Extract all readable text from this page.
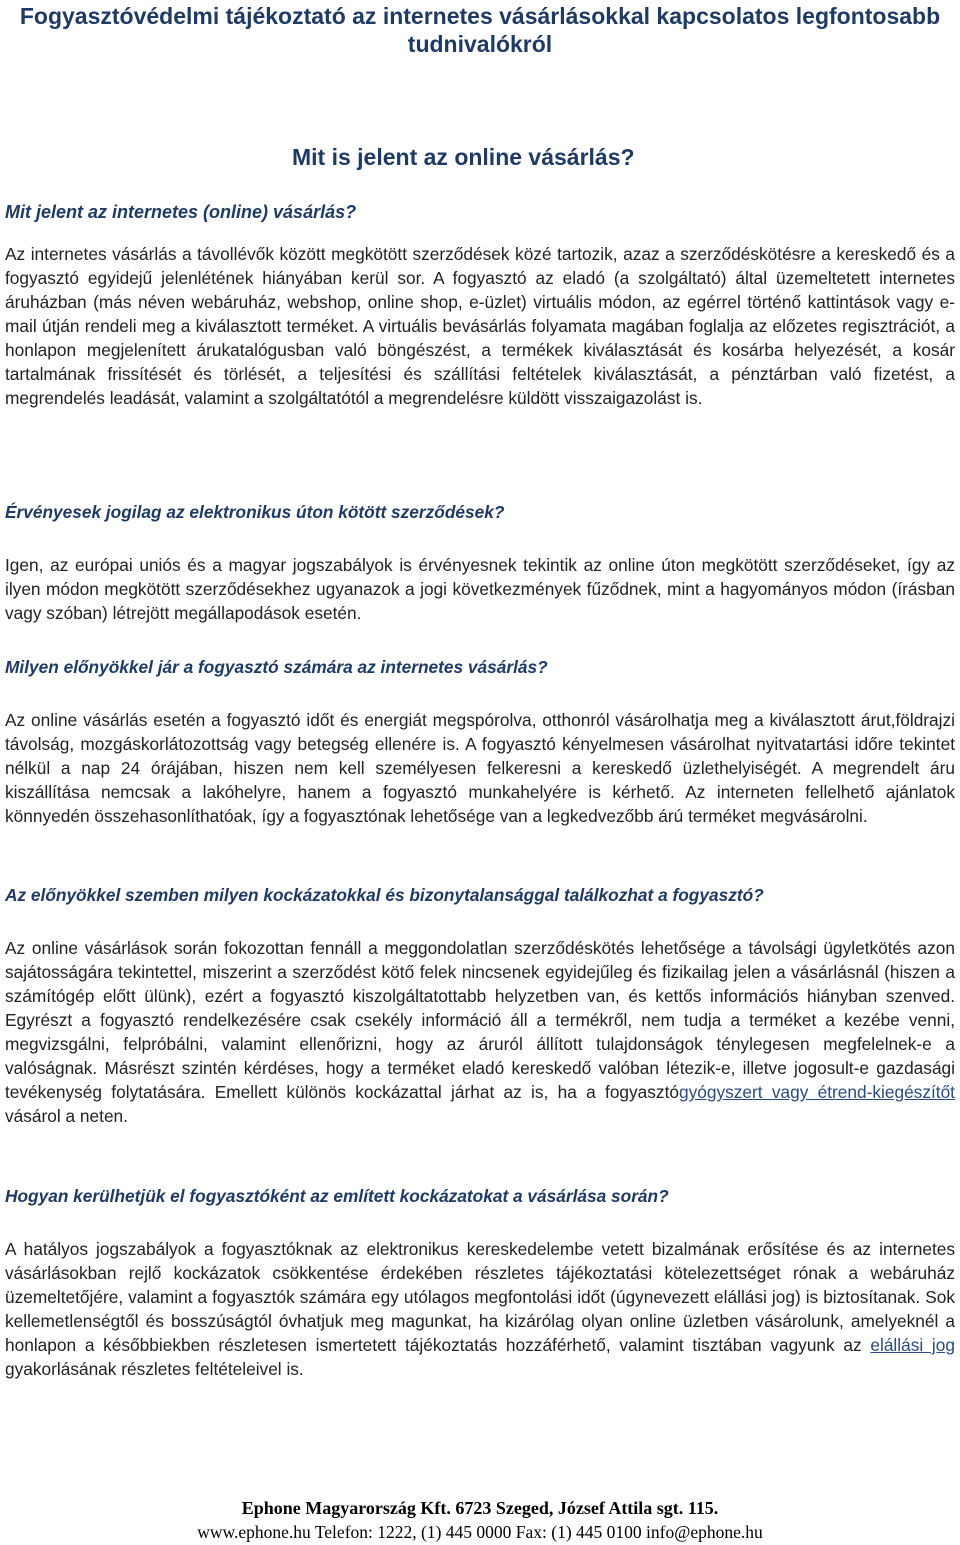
Fogyasztóvédelmi tájékoztató az internetes vásárlásokkal kapcsolatos legfontosabb tudnivalókról
Mit is jelent az online vásárlás?
Mit jelent az internetes (online) vásárlás?

Az internetes vásárlás a távollévők között megkötött szerződések közé tartozik, azaz a szerződéskötésre a kereskedő és a fogyasztó egyidejű jelenlétének hiányában kerül sor. A fogyasztó az eladó (a szolgáltató) által üzemeltetett internetes áruházban (más néven webáruház, webshop, online shop, e-üzlet) virtuális módon, az egérrel történő kattintások vagy e-mail útján rendeli meg a kiválasztott terméket. A virtuális bevásárlás folyamata magában foglalja az előzetes regisztrációt, a honlapon megjelenített árukatalógusban való böngészést, a termékek kiválasztását és kosárba helyezését, a kosár tartalmának frissítését és törlését, a teljesítési és szállítási feltételek kiválasztását, a pénztárban való fizetést, a megrendelés leadását, valamint a szolgáltatótól a megrendelésre küldött visszaigazolást is.

Érvényesek jogilag az elektronikus úton kötött szerződések?

Igen, az európai uniós és a magyar jogszabályok is érvényesnek tekintik az online úton megkötött szerződéseket, így az ilyen módon megkötött szerződésekhez ugyanazok a jogi következmények fűződnek, mint a hagyományos módon (írásban vagy szóban) létrejött megállapodások esetén.

Milyen előnyökkel jár a fogyasztó számára az internetes vásárlás?

Az online vásárlás esetén a fogyasztó időt és energiát megspórolva, otthonról vásárolhatja meg a kiválasztott árut,földrajzi távolság, mozgáskorlátozottság vagy betegség ellenére is. A fogyasztó kényelmesen vásárolhat nyitvatartási időre tekintet nélkül a nap 24 órájában, hiszen nem kell személyesen felkeresni a kereskedő üzlethelyiségét. A megrendelt áru kiszállítása nemcsak a lakóhelyre, hanem a fogyasztó munkahelyére is kérhető. Az interneten fellelhető ajánlatok könnyedén összehasonlíthatóak, így a fogyasztónak lehetősége van a legkedvezőbb árú terméket megvásárolni.

Az előnyökkel szemben milyen kockázatokkal és bizonytalansággal találkozhat a fogyasztó?

Az online vásárlások során fokozottan fennáll a meggondolatlan szerződéskötés lehetősége a távolsági ügyletkötés azon sajátosságára tekintettel, miszerint a szerződést kötő felek nincsenek egyidejűleg és fizikailag jelen a vásárlásnál (hiszen a számítógép előtt ülünk), ezért a fogyasztó kiszolgáltatottabb helyzetben van, és kettős információs hiányban szenved. Egyrészt a fogyasztó rendelkezésére csak csekély információ áll a termékről, nem tudja a terméket a kezébe venni, megvizsgálni, felpróbálni, valamint ellenőrizni, hogy az áruról állított tulajdonságok ténylegesen megfelelnek-e a valóságnak. Másrészt szintén kérdéses, hogy a terméket eladó kereskedő valóban létezik-e, illetve jogosult-e gazdasági tevékenység folytatására. Emellett különös kockázattal járhat az is, ha a fogyasztógyógyszert vagy étrend-kiegészítőt vásárol a neten.

Hogyan kerülhetjük el fogyasztóként az említett kockázatokat a vásárlása során?

A hatályos jogszabályok a fogyasztóknak az elektronikus kereskedelembe vetett bizalmának erősítése és az internetes vásárlásokban rejlő kockázatok csökkentése érdekében részletes tájékoztatási kötelezettséget rónak a webáruház üzemeltetőjére, valamint a fogyasztók számára egy utólagos megfontolási időt (úgynevezett elállási jog) is biztosítanak. Sok kellemetlenségtől és bosszúságtól óvhatjuk meg magunkat, ha kizárólag olyan online üzletben vásárolunk, amelyeknél a honlapon a későbbiekben részletesen ismertetett tájékoztatás hozzáférhető, valamint tisztában vagyunk az elállási jog gyakorlásának részletes feltételeivel is.

Ephone Magyarország Kft. 6723 Szeged, József Attila sgt. 115.
www.ephone.hu Telefon: 1222, (1) 445 0000 Fax: (1) 445 0100 info@ephone.hu
